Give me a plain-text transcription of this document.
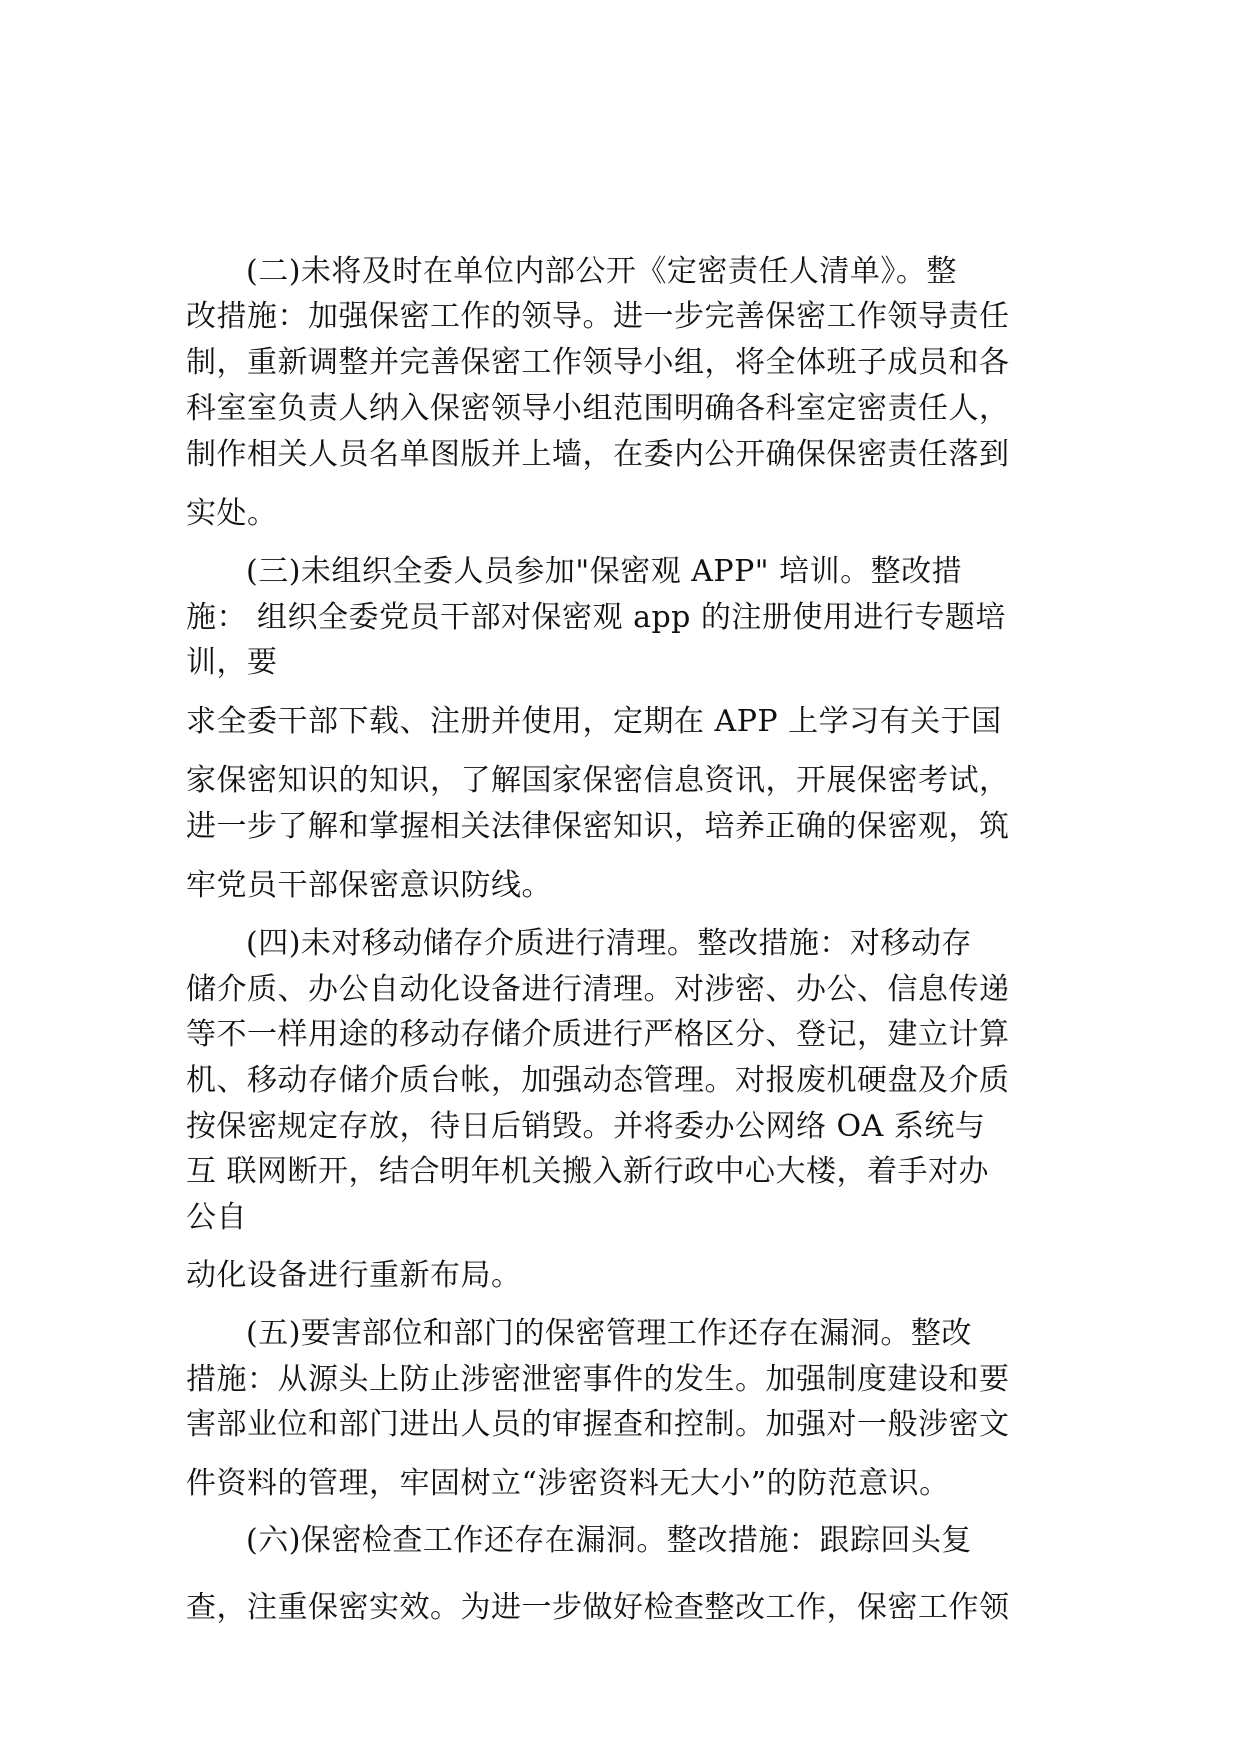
(二)未将及时在单位内部公开《定密责任人清单》。整

改措施：加强保密工作的领导。进一步完善保密工作领导责任

制，重新调整并完善保密工作领导小组，将全体班子成员和各

科室室负责人纳入保密领导小组范围明确各科室定密责任人，

制作相关人员名单图版并上墙，在委内公开确保保密责任落到

实处。

(三)未组织全委人员参加"保密观 APP" 培训。整改措

施： 组织全委党员干部对保密观 app 的注册使用进行专题培

训，要

求全委干部下载、注册并使用，定期在 APP 上学习有关于国

家保密知识的知识，了解国家保密信息资讯，开展保密考试，

进一步了解和掌握相关法律保密知识，培养正确的保密观，筑

牢党员干部保密意识防线。

(四)未对移动储存介质进行清理。整改措施：对移动存

储介质、办公自动化设备进行清理。对涉密、办公、信息传递

等不一样用途的移动存储介质进行严格区分、登记，建立计算

机、移动存储介质台帐，加强动态管理。对报废机硬盘及介质

按保密规定存放，待日后销毁。并将委办公网络 OA 系统与

互 联网断开，结合明年机关搬入新行政中心大楼，着手对办

公自

动化设备进行重新布局。

(五)要害部位和部门的保密管理工作还存在漏洞。整改

措施：从源头上防止涉密泄密事件的发生。加强制度建设和要

害部业位和部门进出人员的审握查和控制。加强对一般涉密文

件资料的管理，牢固树立“涉密资料无大小”的防范意识。

(六)保密检查工作还存在漏洞。整改措施：跟踪回头复

查，注重保密实效。为进一步做好检查整改工作，保密工作领
